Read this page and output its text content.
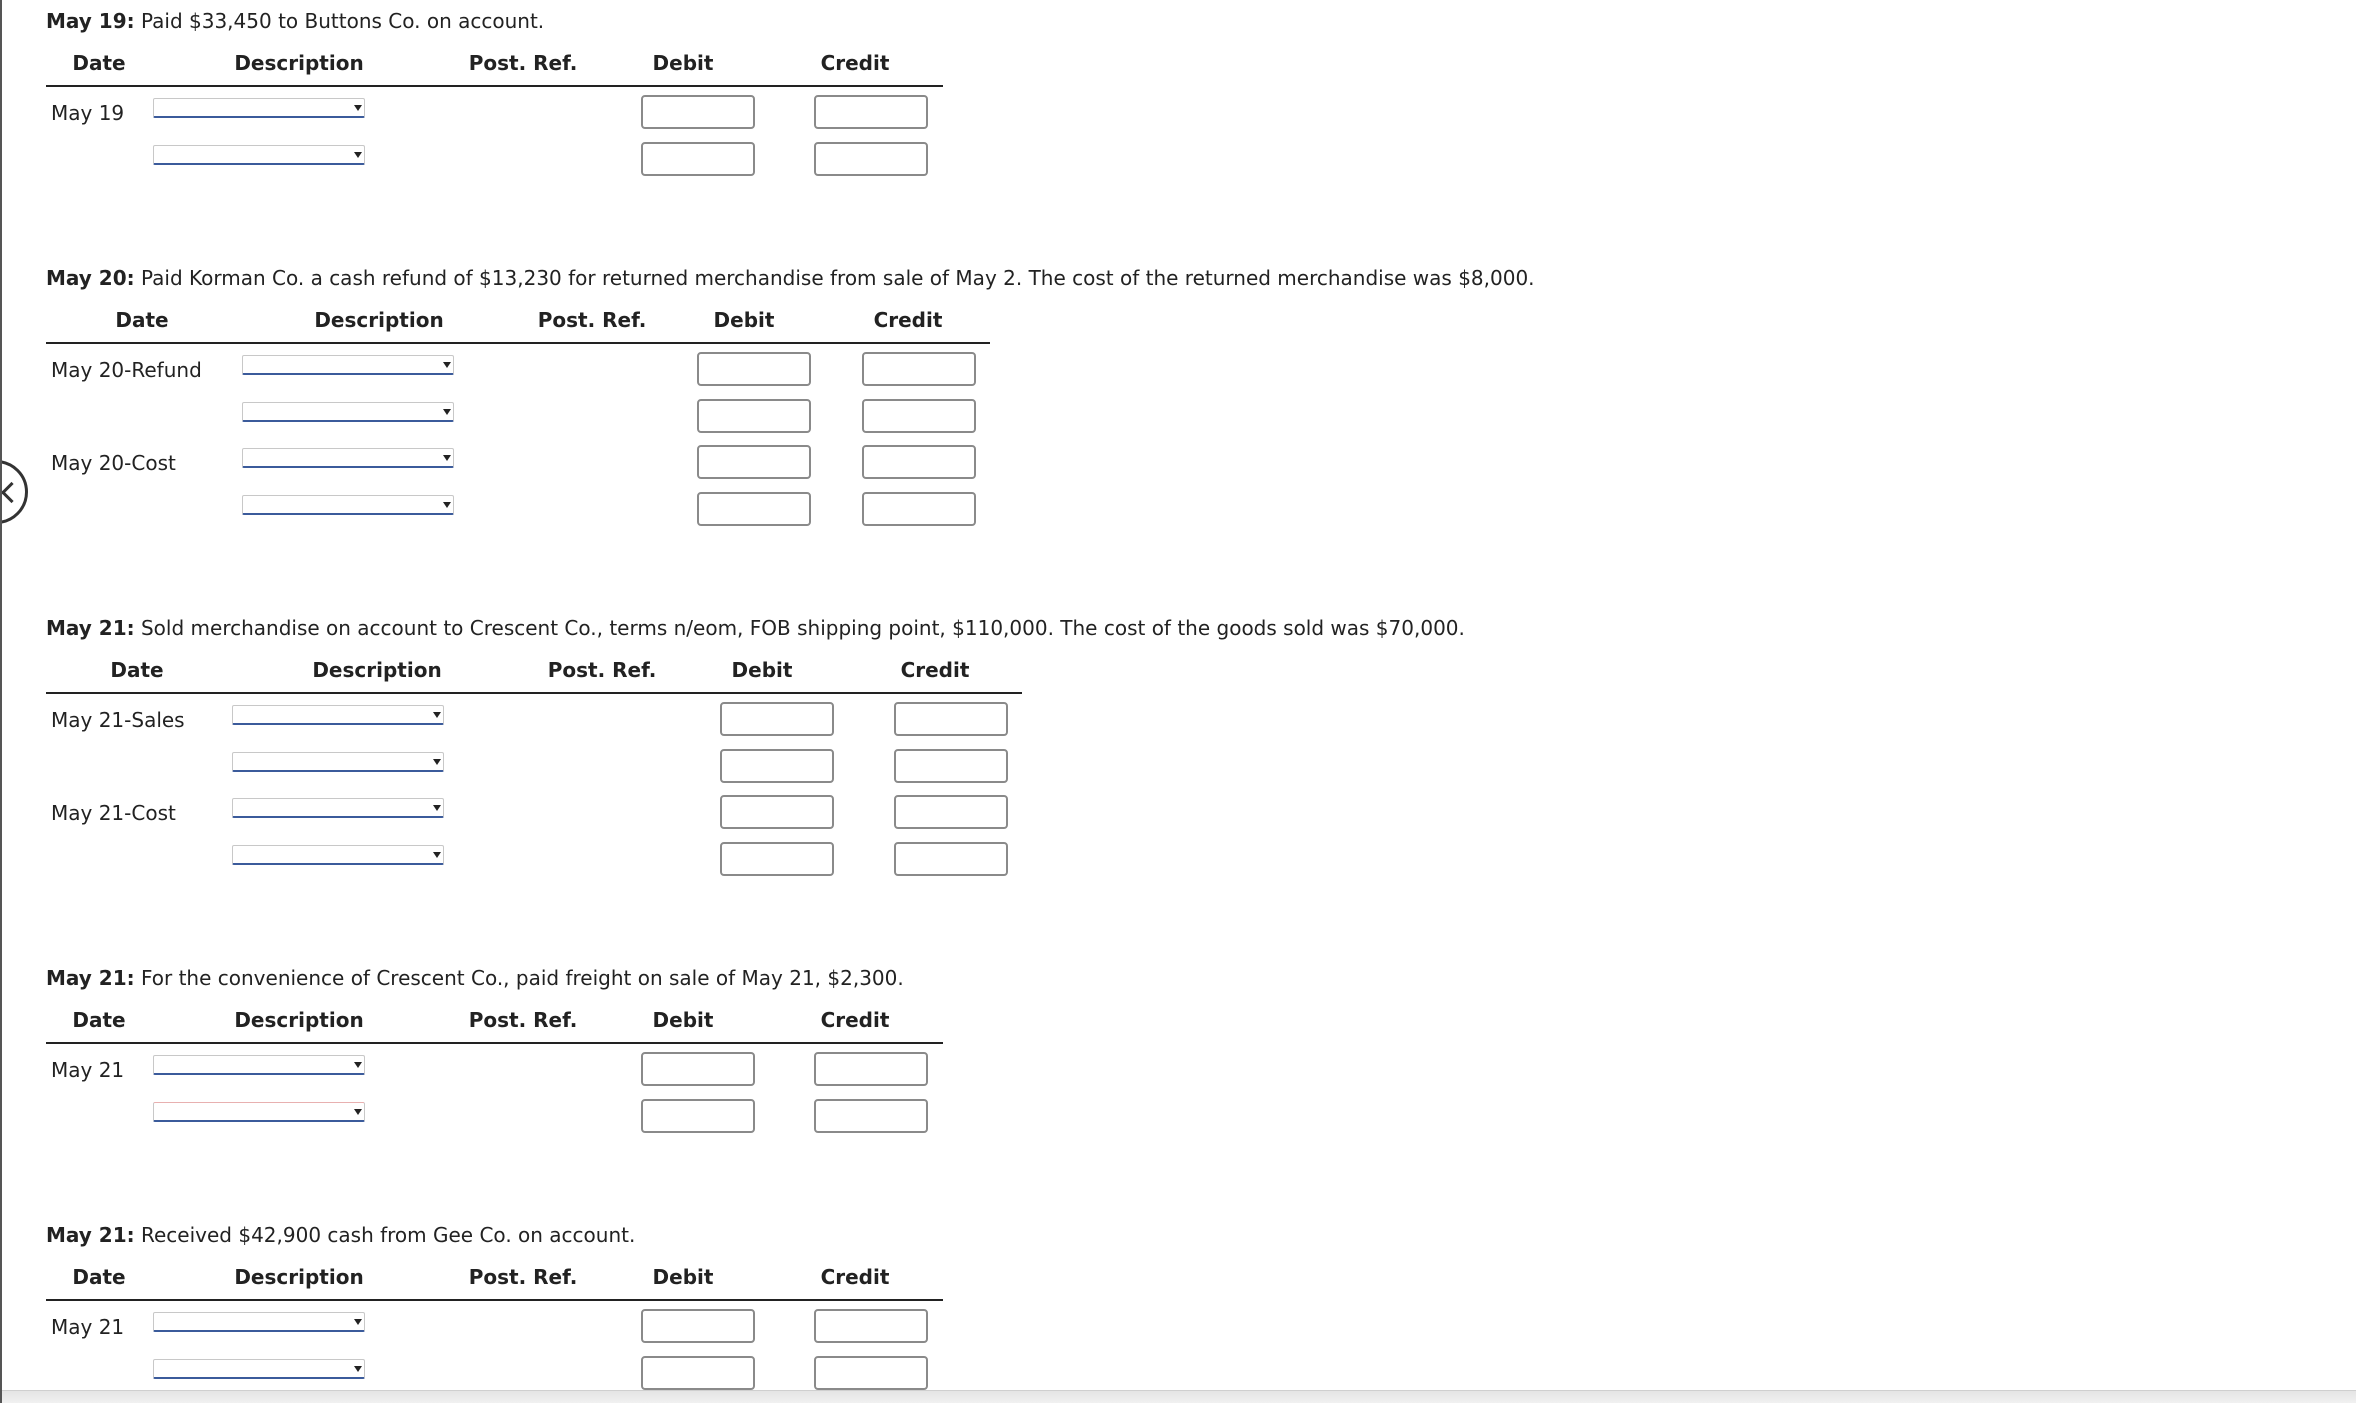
May 19: Paid $33,450 to Buttons Co. on account.
Date	Description	Post. Ref.	Debit	Credit
May 19
May 20: Paid Korman Co. a cash refund of $13,230 for returned merchandise from sale of May 2. The cost of the returned merchandise was $8,000.
Date	Description	Post. Ref.	Debit	Credit
May 20-Refund
May 20-Cost
May 21: Sold merchandise on account to Crescent Co., terms n/eom, FOB shipping point, $110,000. The cost of the goods sold was $70,000.
Date	Description	Post. Ref.	Debit	Credit
May 21-Sales
May 21-Cost
May 21: For the convenience of Crescent Co., paid freight on sale of May 21, $2,300.
Date	Description	Post. Ref.	Debit	Credit
May 21
May 21: Received $42,900 cash from Gee Co. on account.
Date	Description	Post. Ref.	Debit	Credit
May 21
